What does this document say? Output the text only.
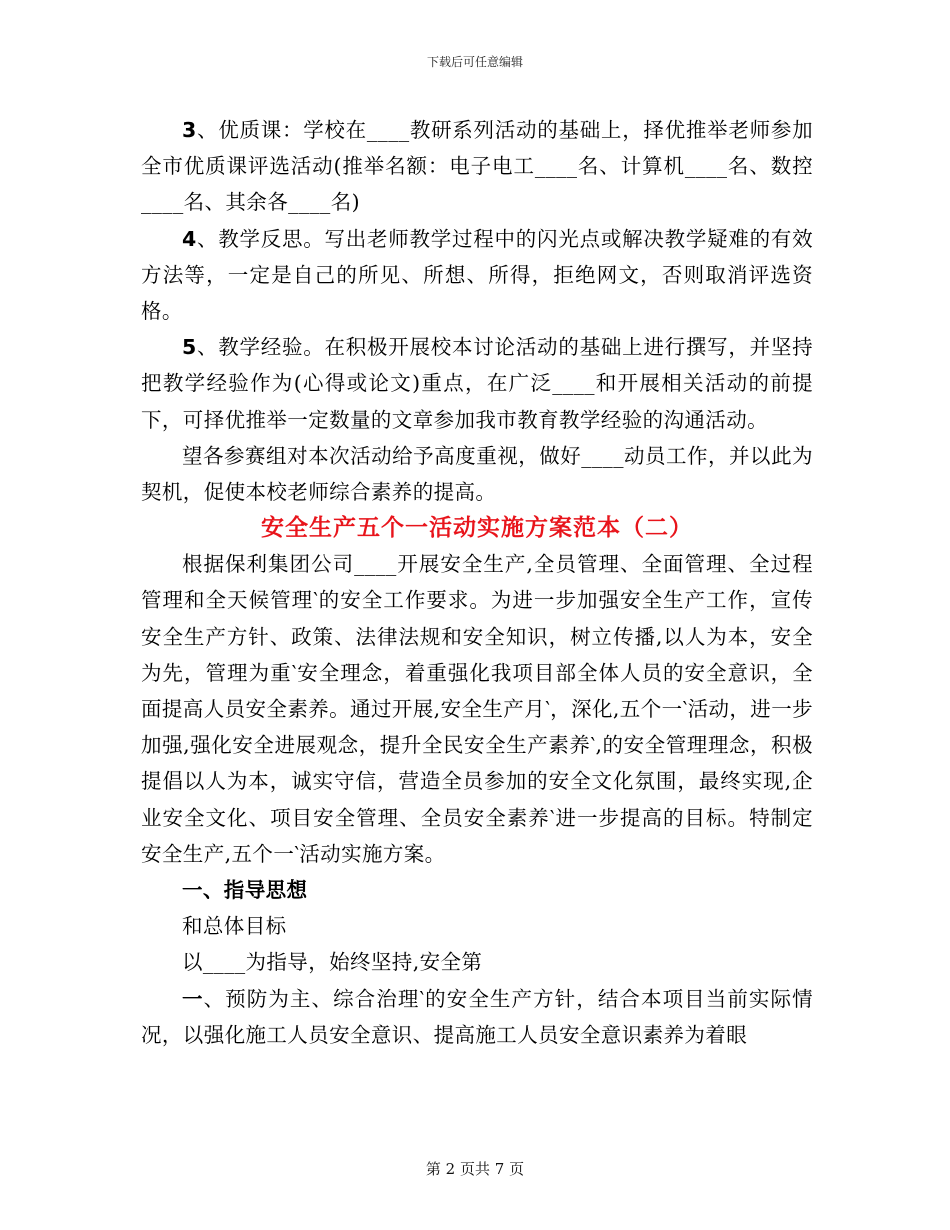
下载后可任意编辑

3、优质课：学校在____教研系列活动的基础上，择优推举老师参加全市优质课评选活动(推举名额：电子电工____名、计算机____名、数控____名、其余各____名)

4、教学反思。写出老师教学过程中的闪光点或解决教学疑难的有效方法等，一定是自己的所见、所想、所得，拒绝网文，否则取消评选资格。

5、教学经验。在积极开展校本讨论活动的基础上进行撰写，并坚持把教学经验作为(心得或论文)重点，在广泛____和开展相关活动的前提下，可择优推举一定数量的文章参加我市教育教学经验的沟通活动。

望各参赛组对本次活动给予高度重视，做好____动员工作，并以此为契机，促使本校老师综合素养的提高。

安全生产五个一活动实施方案范本（二）

根据保利集团公司____开展安全生产,全员管理、全面管理、全过程管理和全天候管理‵的安全工作要求。为进一步加强安全生产工作，宣传安全生产方针、政策、法律法规和安全知识，树立传播,以人为本，安全为先，管理为重‵安全理念，着重强化我项目部全体人员的安全意识，全面提高人员安全素养。通过开展,安全生产月‵，深化,五个一‵活动，进一步加强,强化安全进展观念，提升全民安全生产素养‵,的安全管理理念，积极提倡以人为本，诚实守信，营造全员参加的安全文化氛围，最终实现,企业安全文化、项目安全管理、全员安全素养‵进一步提高的目标。特制定安全生产,五个一‵活动实施方案。

一、指导思想

和总体目标

以____为指导，始终坚持,安全第

一、预防为主、综合治理‵的安全生产方针，结合本项目当前实际情况，以强化施工人员安全意识、提高施工人员安全意识素养为着眼

第 2 页共 7 页
